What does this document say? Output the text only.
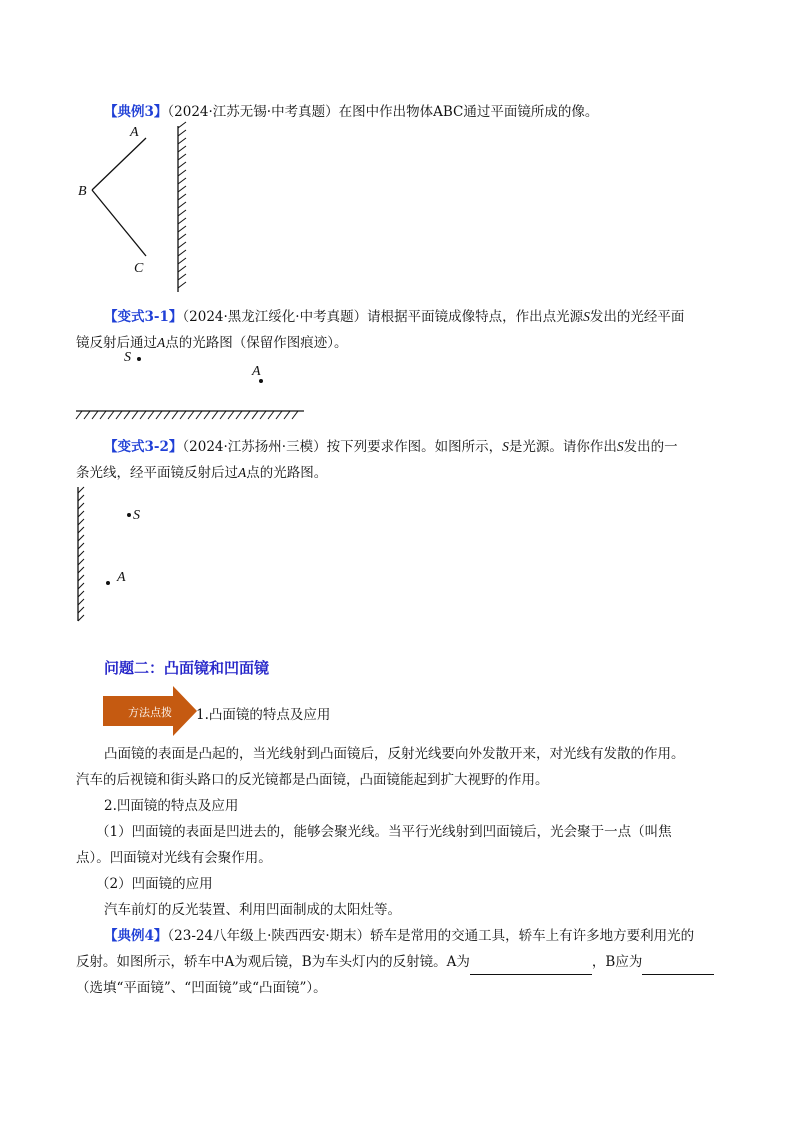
【典例3】（2024·江苏无锡·中考真题）在图中作出物体ABC通过平面镜所成的像。
A
B
C
【变式3-1】（2024·黑龙江绥化·中考真题）请根据平面镜成像特点，作出点光源S发出的光经平面
镜反射后通过A点的光路图（保留作图痕迹）。
S
A
【变式3-2】（2024·江苏扬州·三模）按下列要求作图。如图所示，S是光源。请你作出S发出的一
条光线，经平面镜反射后过A点的光路图。
S
A
问题二：凸面镜和凹面镜
方法点拨 1.凸面镜的特点及应用
凸面镜的表面是凸起的，当光线射到凸面镜后，反射光线要向外发散开来，对光线有发散的作用。
汽车的后视镜和街头路口的反光镜都是凸面镜，凸面镜能起到扩大视野的作用。
2.凹面镜的特点及应用
（1）凹面镜的表面是凹进去的，能够会聚光线。当平行光线射到凹面镜后，光会聚于一点（叫焦
点）。凹面镜对光线有会聚作用。
（2）凹面镜的应用
汽车前灯的反光装置、利用凹面制成的太阳灶等。
【典例4】（23-24八年级上·陕西西安·期末）轿车是常用的交通工具，轿车上有许多地方要利用光的
反射。如图所示，轿车中A为观后镜，B为车头灯内的反射镜。A为	，B应为
（选填“平面镜”、“凹面镜”或“凸面镜”）。
